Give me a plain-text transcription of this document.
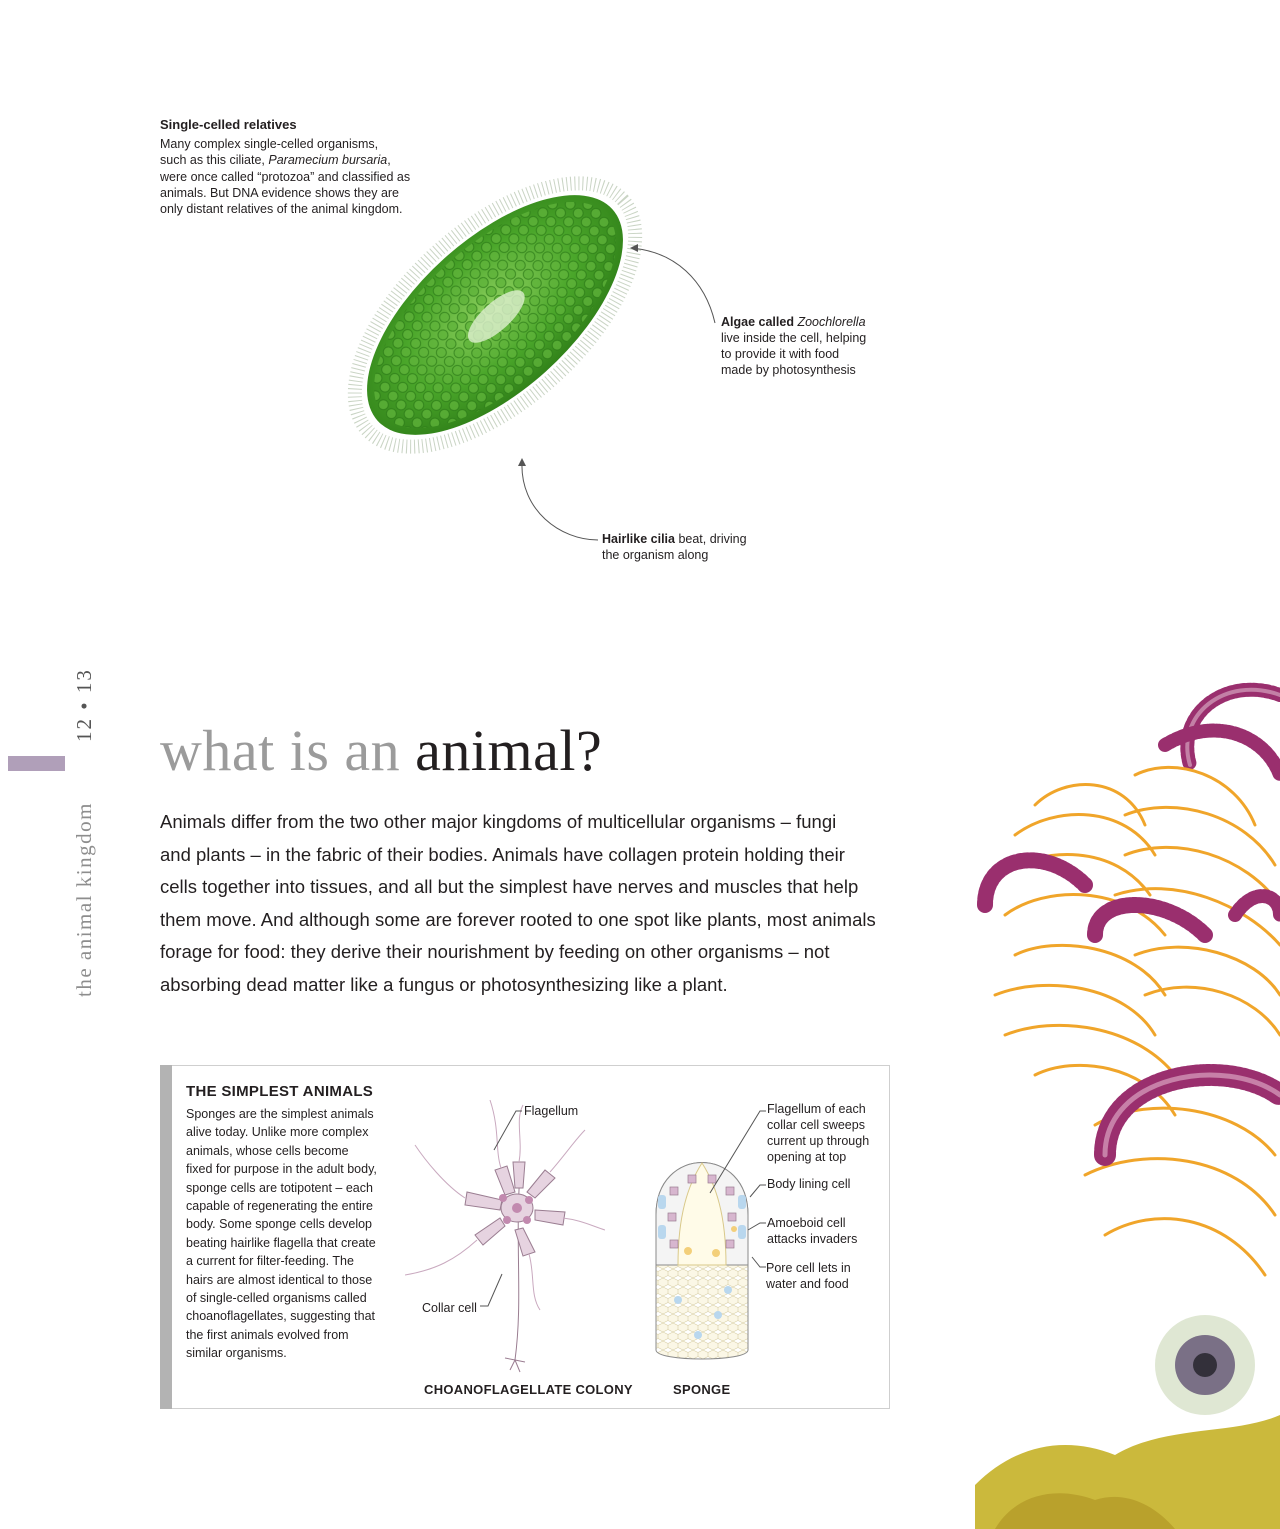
Single-celled relatives
Many complex single-celled organisms,
such as this ciliate, Paramecium bursaria,
were once called “protozoa” and classified as
animals. But DNA evidence shows they are
only distant relatives of the animal kingdom.
Algae called Zoochlorella
live inside the cell, helping
to provide it with food
made by photosynthesis
Hairlike cilia beat, driving
the organism along
12 • 13
the animal kingdom
what is an animal?
Animals differ from the two other major kingdoms of multicellular organisms – fungi
and plants – in the fabric of their bodies. Animals have collagen protein holding their
cells together into tissues, and all but the simplest have nerves and muscles that help
them move. And although some are forever rooted to one spot like plants, most animals
forage for food: they derive their nourishment by feeding on other organisms – not
absorbing dead matter like a fungus or photosynthesizing like a plant.
THE SIMPLEST ANIMALS
Sponges are the simplest animals
alive today. Unlike more complex
animals, whose cells become
fixed for purpose in the adult body,
sponge cells are totipotent – each
capable of regenerating the entire
body. Some sponge cells develop
beating hairlike flagella that create
a current for filter-feeding. The
hairs are almost identical to those
of single-celled organisms called
choanoflagellates, suggesting that
the first animals evolved from
similar organisms.
Flagellum
Collar cell
Flagellum of each
collar cell sweeps
current up through
opening at top
Body lining cell
Amoeboid cell
attacks invaders
Pore cell lets in
water and food
CHOANOFLAGELLATE COLONY	SPONGE
